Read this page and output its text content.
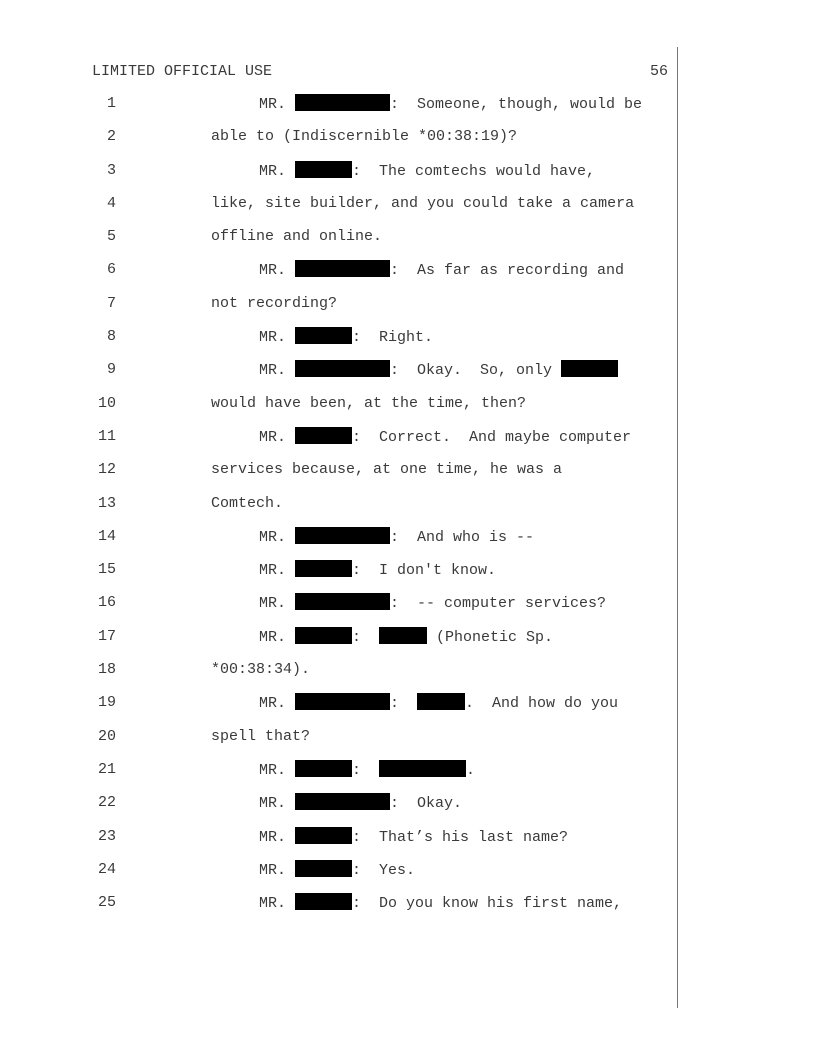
LIMITED OFFICIAL USE	56
1	MR.	:  Someone, though, would be
2	able to (Indiscernible *00:38:19)?
3	MR.	:  The comtechs would have,
4	like, site builder, and you could take a camera
5	offline and online.
6	MR.	:  As far as recording and
7	not recording?
8	MR.	:  Right.
9	MR.	:  Okay.  So, only
10	would have been, at the time, then?
11	MR.	:  Correct.  And maybe computer
12	services because, at one time, he was a
13	Comtech.
14	MR.	:  And who is --
15	MR.	:  I don't know.
16	MR.	:  -- computer services?
17	MR.	:	(Phonetic Sp.
18	*00:38:34).
19	MR.	:	.  And how do you
20	spell that?
21	MR.	:	.
22	MR.	:  Okay.
23	MR.	:  That’s his last name?
24	MR.	:  Yes.
25	MR.	:  Do you know his first name,
